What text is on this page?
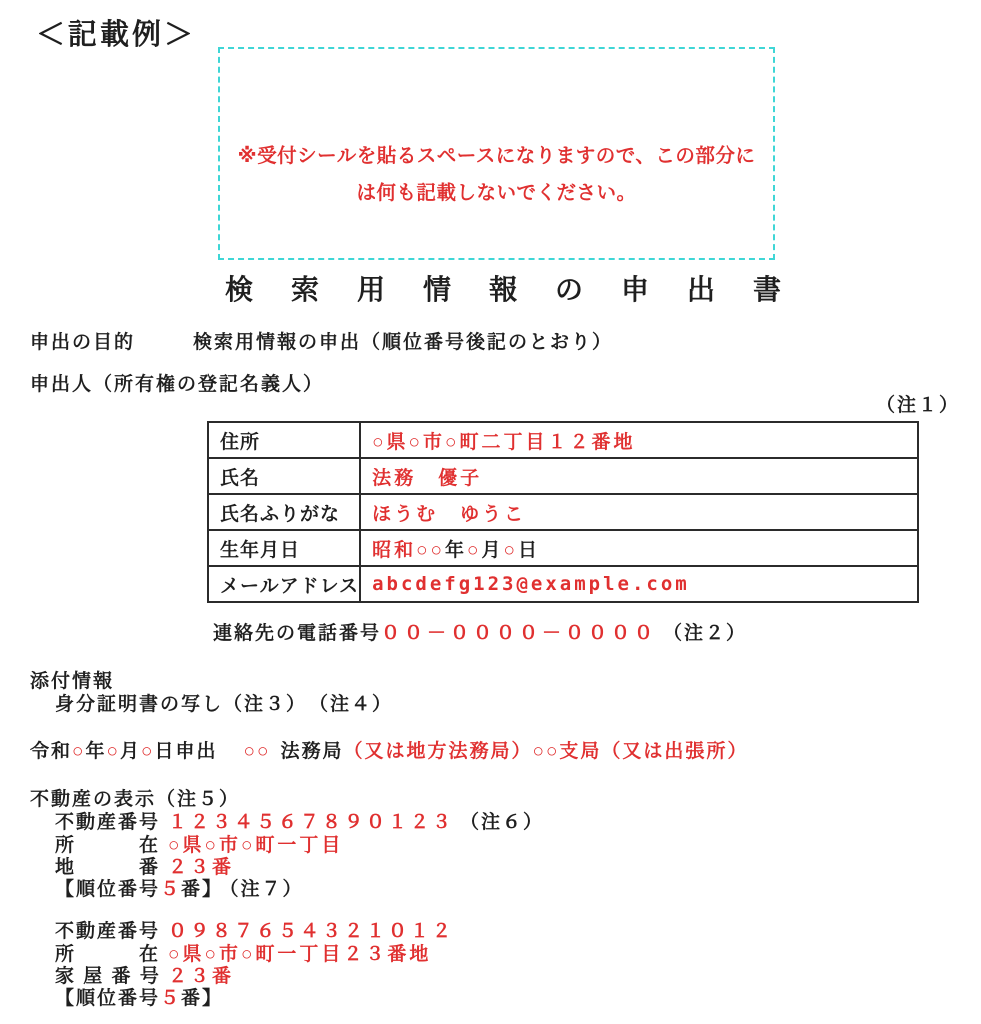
＜記載例＞
※受付シールを貼るスペースになりますので、この部分に
は何も記載しないでください。
検索用情報の申出書
申出の目的	検索用情報の申出（順位番号後記のとおり）
申出人（所有権の登記名義人）
（注１）
住所	○県○市○町二丁目１２番地
氏名	法務　優子
氏名ふりがな	ほうむ　ゆうこ
生年月日	昭和○○年○月○日
メールアドレス	abcdefg123@example.com
連絡先の電話番号００－００００－００００ （注２）
添付情報
身分証明書の写し（注３）　（注４）
令和○年○月○日申出 ○○ 法務局（又は地方法務局）○○支局（又は出張所）
不動産の表示（注５）
不動産番号 １２３４５６７８９０１２３ （注６）
所　　　在 ○県○市○町一丁目
地　　　番 ２３番
【順位番号５番】 （注７）
不動産番号 ０９８７６５４３２１０１２
所　　　在 ○県○市○町一丁目２３番地
家 屋 番 号 ２３番
【順位番号５番】
